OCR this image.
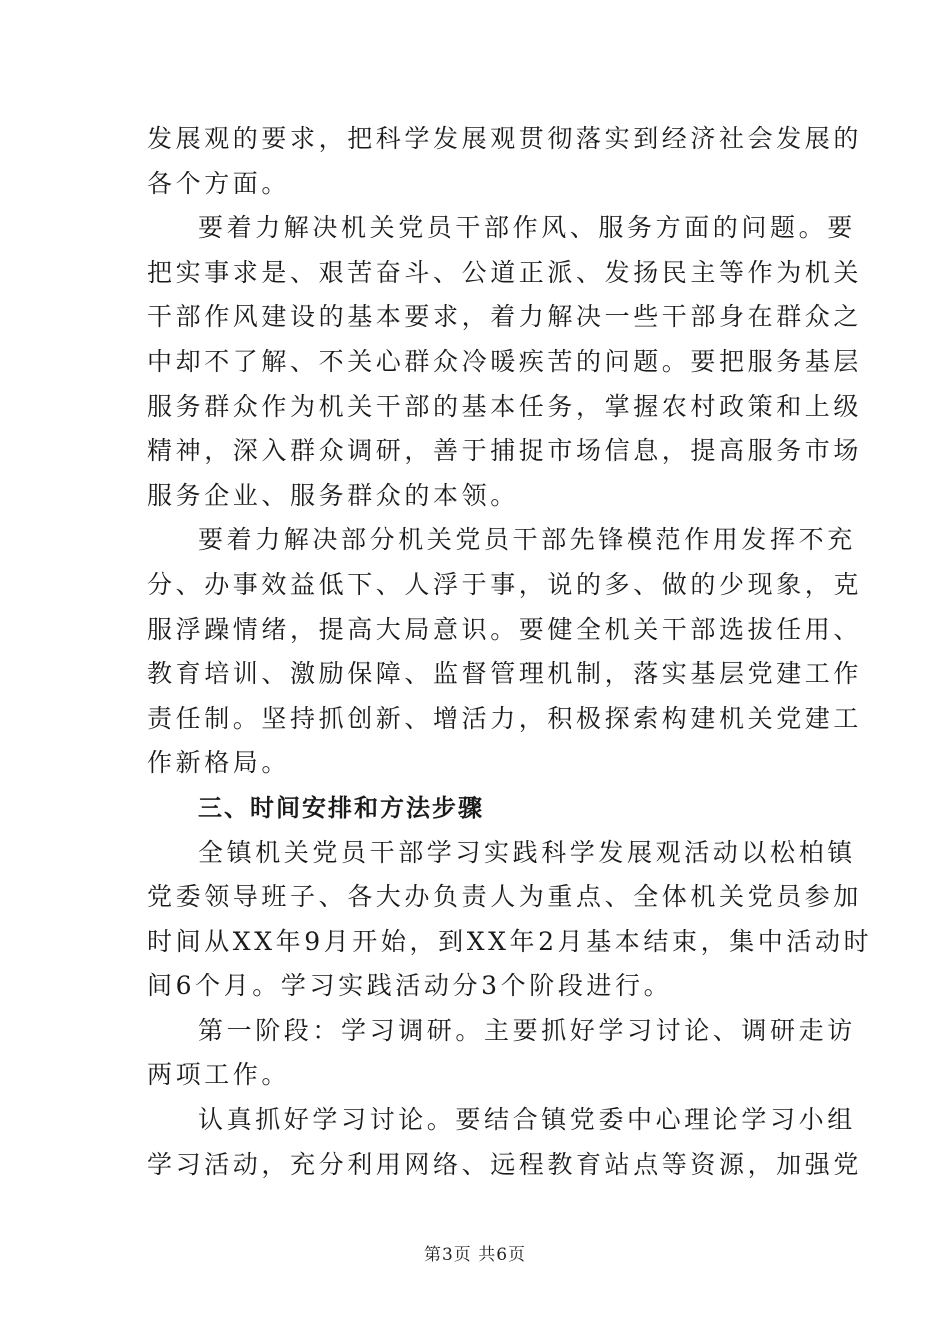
发展观的要求，把科学发展观贯彻落实到经济社会发展的
各个方面。
要着力解决机关党员干部作风、服务方面的问题。要
把实事求是、艰苦奋斗、公道正派、发扬民主等作为机关
干部作风建设的基本要求，着力解决一些干部身在群众之
中却不了解、不关心群众冷暖疾苦的问题。要把服务基层
服务群众作为机关干部的基本任务，掌握农村政策和上级
精神，深入群众调研，善于捕捉市场信息，提高服务市场
服务企业、服务群众的本领。
要着力解决部分机关党员干部先锋模范作用发挥不充
分、办事效益低下、人浮于事，说的多、做的少现象，克
服浮躁情绪，提高大局意识。要健全机关干部选拔任用、
教育培训、激励保障、监督管理机制，落实基层党建工作
责任制。坚持抓创新、增活力，积极探索构建机关党建工
作新格局。
三、时间安排和方法步骤
全镇机关党员干部学习实践科学发展观活动以松柏镇
党委领导班子、各大办负责人为重点、全体机关党员参加
时间从XX年9月开始，到XX年2月基本结束，集中活动时
间6个月。学习实践活动分3个阶段进行。
第一阶段：学习调研。主要抓好学习讨论、调研走访
两项工作。
认真抓好学习讨论。要结合镇党委中心理论学习小组
学习活动，充分利用网络、远程教育站点等资源，加强党
第3页 共6页
